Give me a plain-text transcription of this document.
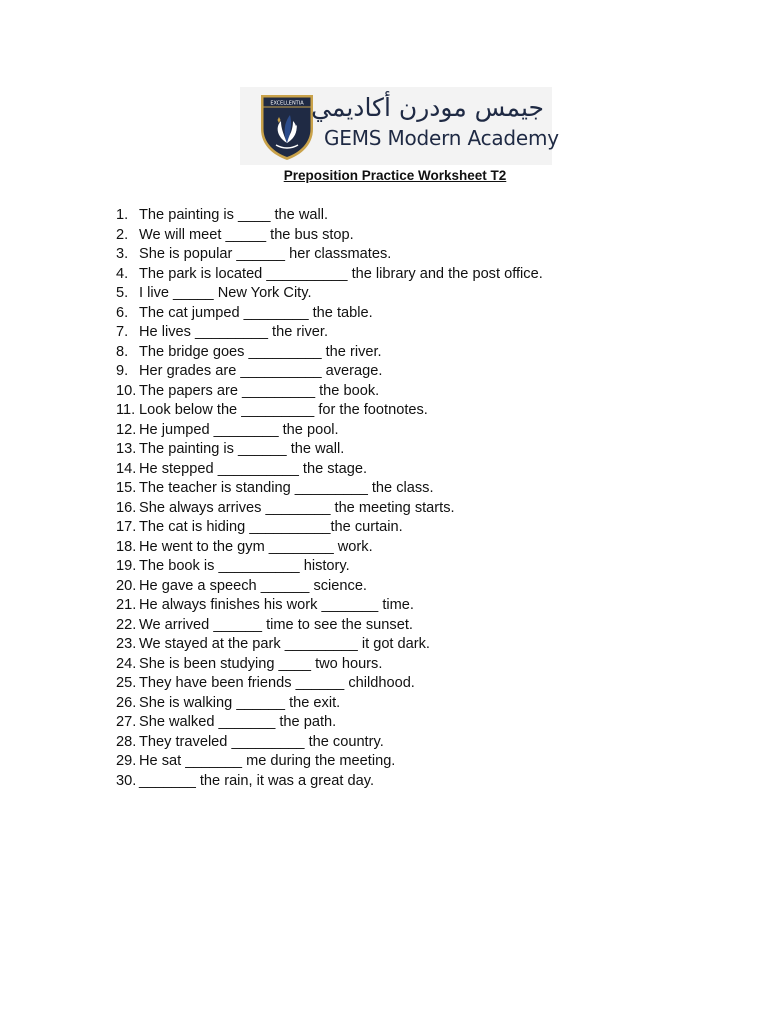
EXCELLENTIA جيمس مودرن أكاديمي
GEMS Modern Academy
Preposition Practice Worksheet T2
1. The painting is ____ the wall.
2. We will meet _____ the bus stop.
3. She is popular ______ her classmates.
4. The park is located __________ the library and the post office.
5. I live _____ New York City.
6. The cat jumped ________ the table.
7. He lives _________ the river.
8. The bridge goes _________ the river.
9. Her grades are __________ average.
10. The papers are _________ the book.
11. Look below the _________ for the footnotes.
12. He jumped ________ the pool.
13. The painting is ______ the wall.
14. He stepped __________ the stage.
15. The teacher is standing _________ the class.
16. She always arrives ________ the meeting starts.
17. The cat is hiding __________the curtain.
18. He went to the gym ________ work.
19. The book is __________ history.
20. He gave a speech ______ science.
21. He always finishes his work _______ time.
22. We arrived ______ time to see the sunset.
23. We stayed at the park _________ it got dark.
24. She is been studying ____ two hours.
25. They have been friends ______ childhood.
26. She is walking ______ the exit.
27. She walked _______ the path.
28. They traveled _________ the country.
29. He sat _______ me during the meeting.
30. _______ the rain, it was a great day.
